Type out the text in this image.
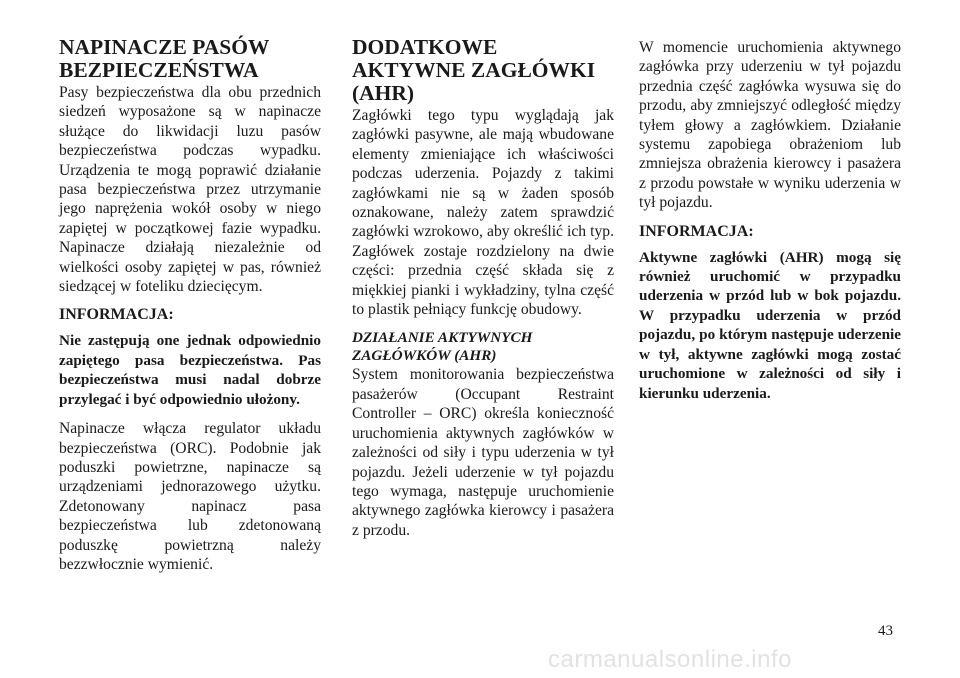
NAPINACZE PASÓW BEZPIECZEŃSTWA

Pasy bezpieczeństwa dla obu przednich siedzeń wyposażone są w napinacze służące do likwidacji luzu pasów bezpieczeństwa podczas wypadku. Urządzenia te mogą poprawić działanie pasa bezpieczeństwa przez utrzymanie jego naprężenia wokół osoby w niego zapiętej w początkowej fazie wypadku. Napinacze działają niezależnie od wielkości osoby zapiętej w pas, również siedzącej w foteliku dziecięcym.

INFORMACJA:

Nie zastępują one jednak odpowiednio zapiętego pasa bezpieczeństwa. Pas bezpieczeństwa musi nadal dobrze przylegać i być odpowiednio ułożony.

Napinacze włącza regulator układu bezpieczeństwa (ORC). Podobnie jak poduszki powietrzne, napinacze są urządzeniami jednorazowego użytku. Zdetonowany napinacz pasa bezpieczeństwa lub zdetonowaną poduszkę powietrzną należy bezzwłocznie wymienić.

DODATKOWE AKTYWNE ZAGŁÓWKI (AHR)

Zagłówki tego typu wyglądają jak zagłówki pasywne, ale mają wbudowane elementy zmieniające ich właściwości podczas uderzenia. Pojazdy z takimi zagłówkami nie są w żaden sposób oznakowane, należy zatem sprawdzić zagłówki wzrokowo, aby określić ich typ. Zagłówek zostaje rozdzielony na dwie części: przednia część składa się z miękkiej pianki i wykładziny, tylna część to plastik pełniący funkcję obudowy.

DZIAŁANIE AKTYWNYCH ZAGŁÓWKÓW (AHR)

System monitorowania bezpieczeństwa pasażerów (Occupant Restraint Controller – ORC) określa konieczność uruchomienia aktywnych zagłówków w zależności od siły i typu uderzenia w tył pojazdu. Jeżeli uderzenie w tył pojazdu tego wymaga, następuje uruchomienie aktywnego zagłówka kierowcy i pasażera z przodu.

W momencie uruchomienia aktywnego zagłówka przy uderzeniu w tył pojazdu przednia część zagłówka wysuwa się do przodu, aby zmniejszyć odległość między tyłem głowy a zagłówkiem. Działanie systemu zapobiega obrażeniom lub zmniejsza obrażenia kierowcy i pasażera z przodu powstałe w wyniku uderzenia w tył pojazdu.

INFORMACJA:

Aktywne zagłówki (AHR) mogą się również uruchomić w przypadku uderzenia w przód lub w bok pojazdu. W przypadku uderzenia w przód pojazdu, po którym następuje uderzenie w tył, aktywne zagłówki mogą zostać uruchomione w zależności od siły i kierunku uderzenia.

43
carmanualsonline.info
